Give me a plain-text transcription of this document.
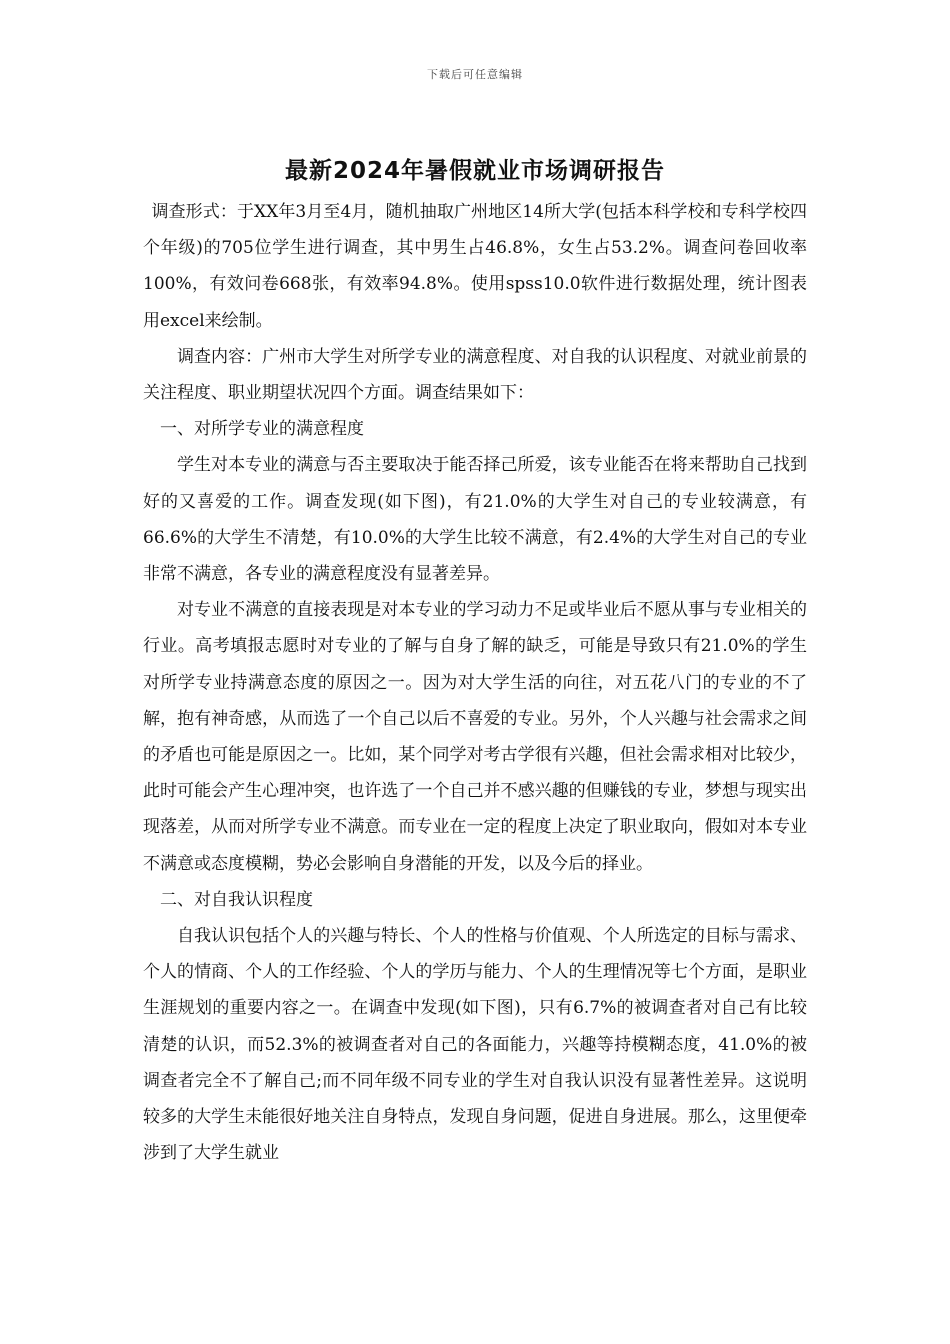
下载后可任意编辑
最新2024年暑假就业市场调研报告

调查形式：于XX年3月至4月，随机抽取广州地区14所大学(包括本科学校和专科学校四个年级)的705位学生进行调查，其中男生占46.8%，女生占53.2%。调查问卷回收率100%，有效问卷668张，有效率94.8%。使用spss10.0软件进行数据处理，统计图表用excel来绘制。

调查内容：广州市大学生对所学专业的满意程度、对自我的认识程度、对就业前景的关注程度、职业期望状况四个方面。调查结果如下：

一、对所学专业的满意程度

学生对本专业的满意与否主要取决于能否择己所爱，该专业能否在将来帮助自己找到好的又喜爱的工作。调查发现(如下图)，有21.0%的大学生对自己的专业较满意，有66.6%的大学生不清楚，有10.0%的大学生比较不满意，有2.4%的大学生对自己的专业非常不满意，各专业的满意程度没有显著差异。

对专业不满意的直接表现是对本专业的学习动力不足或毕业后不愿从事与专业相关的行业。高考填报志愿时对专业的了解与自身了解的缺乏，可能是导致只有21.0%的学生对所学专业持满意态度的原因之一。因为对大学生活的向往，对五花八门的专业的不了解，抱有神奇感，从而选了一个自己以后不喜爱的专业。另外，个人兴趣与社会需求之间的矛盾也可能是原因之一。比如，某个同学对考古学很有兴趣，但社会需求相对比较少，此时可能会产生心理冲突，也许选了一个自己并不感兴趣的但赚钱的专业，梦想与现实出现落差，从而对所学专业不满意。而专业在一定的程度上决定了职业取向，假如对本专业不满意或态度模糊，势必会影响自身潜能的开发，以及今后的择业。

二、对自我认识程度

自我认识包括个人的兴趣与特长、个人的性格与价值观、个人所选定的目标与需求、个人的情商、个人的工作经验、个人的学历与能力、个人的生理情况等七个方面，是职业生涯规划的重要内容之一。在调查中发现(如下图)，只有6.7%的被调查者对自己有比较清楚的认识，而52.3%的被调查者对自己的各面能力，兴趣等持模糊态度，41.0%的被调查者完全不了解自己;而不同年级不同专业的学生对自我认识没有显著性差异。这说明较多的大学生未能很好地关注自身特点，发现自身问题，促进自身进展。那么，这里便牵涉到了大学生就业
